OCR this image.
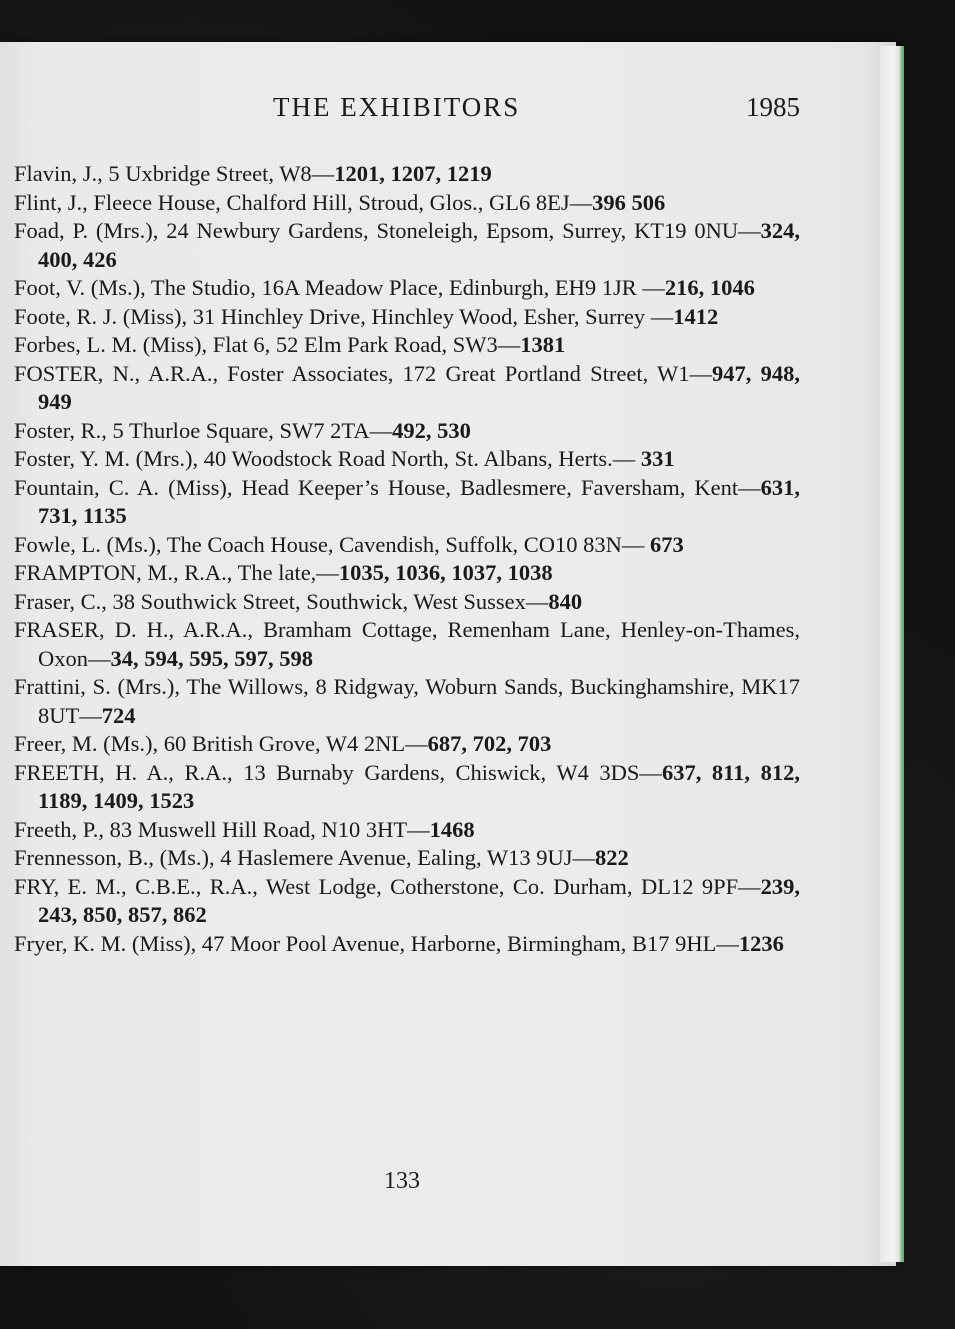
THE EXHIBITORS	1985

Flavin, J., 5 Uxbridge Street, W8—1201, 1207, 1219

Flint, J., Fleece House, Chalford Hill, Stroud, Glos., GL6 8EJ—396 506

Foad, P. (Mrs.), 24 Newbury Gardens, Stoneleigh, Epsom, Surrey, KT19 0NU—324, 400, 426

Foot, V. (Ms.), The Studio, 16A Meadow Place, Edinburgh, EH9 1JR —216, 1046

Foote, R. J. (Miss), 31 Hinchley Drive, Hinchley Wood, Esher, Surrey —1412

Forbes, L. M. (Miss), Flat 6, 52 Elm Park Road, SW3—1381

FOSTER, N., A.R.A., Foster Associates, 172 Great Portland Street, W1—947, 948, 949

Foster, R., 5 Thurloe Square, SW7 2TA—492, 530

Foster, Y. M. (Mrs.), 40 Woodstock Road North, St. Albans, Herts.— 331

Fountain, C. A. (Miss), Head Keeper’s House, Badlesmere, Faversham, Kent—631, 731, 1135

Fowle, L. (Ms.), The Coach House, Cavendish, Suffolk, CO10 83N— 673

FRAMPTON, M., R.A., The late,—1035, 1036, 1037, 1038

Fraser, C., 38 Southwick Street, Southwick, West Sussex—840

FRASER, D. H., A.R.A., Bramham Cottage, Remenham Lane, Henley-on-Thames, Oxon—34, 594, 595, 597, 598

Frattini, S. (Mrs.), The Willows, 8 Ridgway, Woburn Sands, Buckinghamshire, MK17 8UT—724

Freer, M. (Ms.), 60 British Grove, W4 2NL—687, 702, 703

FREETH, H. A., R.A., 13 Burnaby Gardens, Chiswick, W4 3DS—637, 811, 812, 1189, 1409, 1523

Freeth, P., 83 Muswell Hill Road, N10 3HT—1468

Frennesson, B., (Ms.), 4 Haslemere Avenue, Ealing, W13 9UJ—822

FRY, E. M., C.B.E., R.A., West Lodge, Cotherstone, Co. Durham, DL12 9PF—239, 243, 850, 857, 862

Fryer, K. M. (Miss), 47 Moor Pool Avenue, Harborne, Birmingham, B17 9HL—1236

133
